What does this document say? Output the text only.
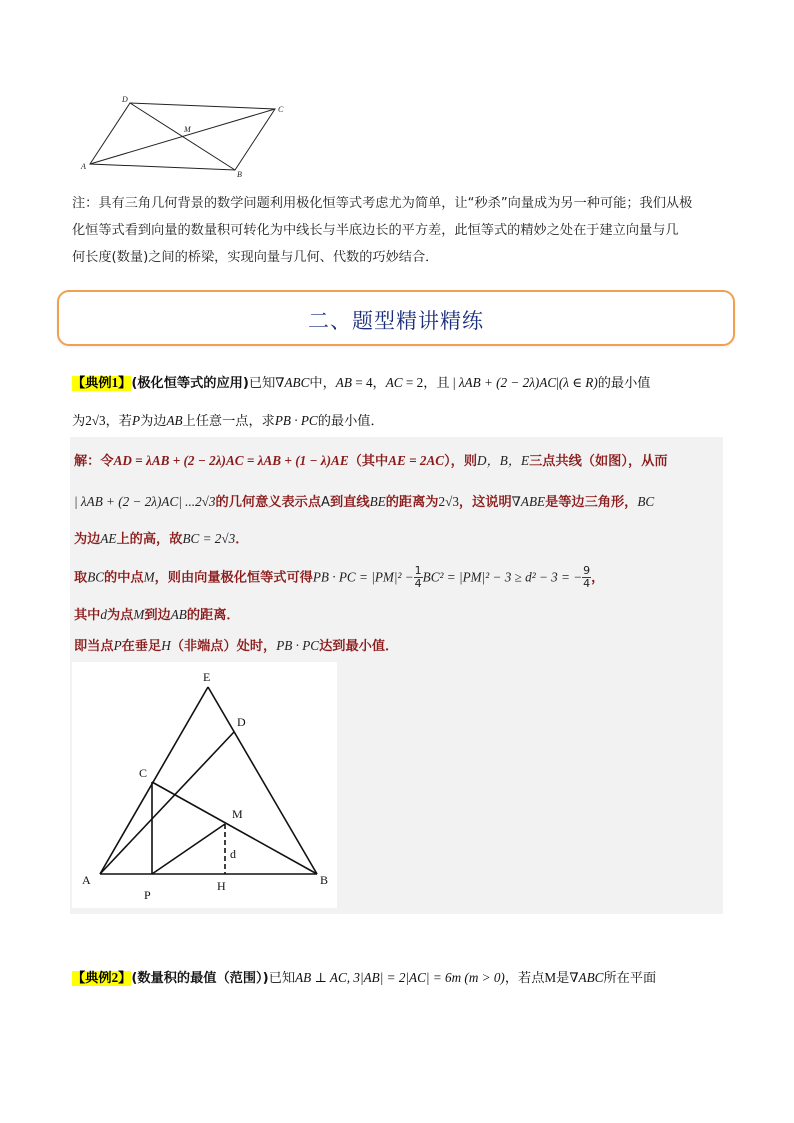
A
B
C
D
M
注：具有三角几何背景的数学问题利用极化恒等式考虑尤为简单，让“秒杀”向量成为另一种可能；我们从极
化恒等式看到向量的数量积可转化为中线长与半底边长的平方差，此恒等式的精妙之处在于建立向量与几
何长度(数量)之间的桥梁，实现向量与几何、代数的巧妙结合．
二、题型精讲精练
【典例1】(极化恒等式的应用)已知∇ABC中，AB = 4，AC = 2，且 | λAB + (2 − 2λ)AC|(λ ∈ R)的最小值
为2√3，若P为边AB上任意一点，求PB · PC的最小值．
解：令AD = λAB + (2 − 2λ)AC = λAB + (1 − λ)AE（其中AE = 2AC），则D，B，E三点共线（如图），从而
| λAB + (2 − 2λ)AC| ...2√3的几何意义表示点A到直线BE的距离为2√3，这说明∇ABE是等边三角形，BC
为边AE上的高，故BC = 2√3．
取BC的中点M，则由向量极化恒等式可得PB · PC = $|PM|^2 - \frac{1}{4} BC^2 = |PM|^2 - 3 \ge d^2 - 3$ = − $\frac{9}{4}$ ，
其中d为点M到边AB的距离．
即当点P在垂足H（非端点）处时，PB · PC达到最小值．
E
D
C
M
d
A
P
H	B
【典例2】(数量积的最值（范围）)已知AB ⊥ AC, 3|AB| = 2|AC| = 6m (m > 0)，若点M是∇ABC所在平面
